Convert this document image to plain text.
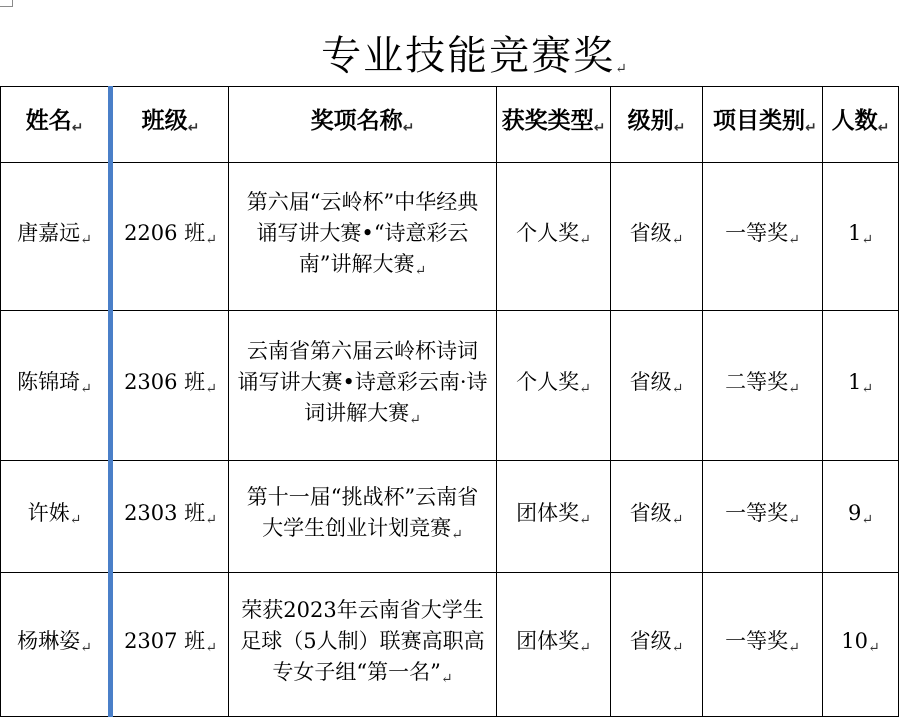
专业技能竞赛奖↵
姓名↵	班级↵	奖项名称↵	获奖类型↵	级别↵	项目类别↵	人数↵
唐嘉远↵	2206 班↵	第六届“云岭杯”中华经典诵写讲大赛•“诗意彩云南”讲解大赛↵	个人奖↵	省级↵	一等奖↵	1↵
陈锦琦↵	2306 班↵	云南省第六届云岭杯诗词诵写讲大赛•诗意彩云南·诗词讲解大赛↵	个人奖↵	省级↵	二等奖↵	1↵
许姝↵	2303 班↵	第十一届“挑战杯”云南省大学生创业计划竞赛↵	团体奖↵	省级↵	一等奖↵	9↵
杨琳姿↵	2307 班↵	荣获2023年云南省大学生足球（5人制）联赛高职高专女子组“第一名”↵	团体奖↵	省级↵	一等奖↵	10↵
